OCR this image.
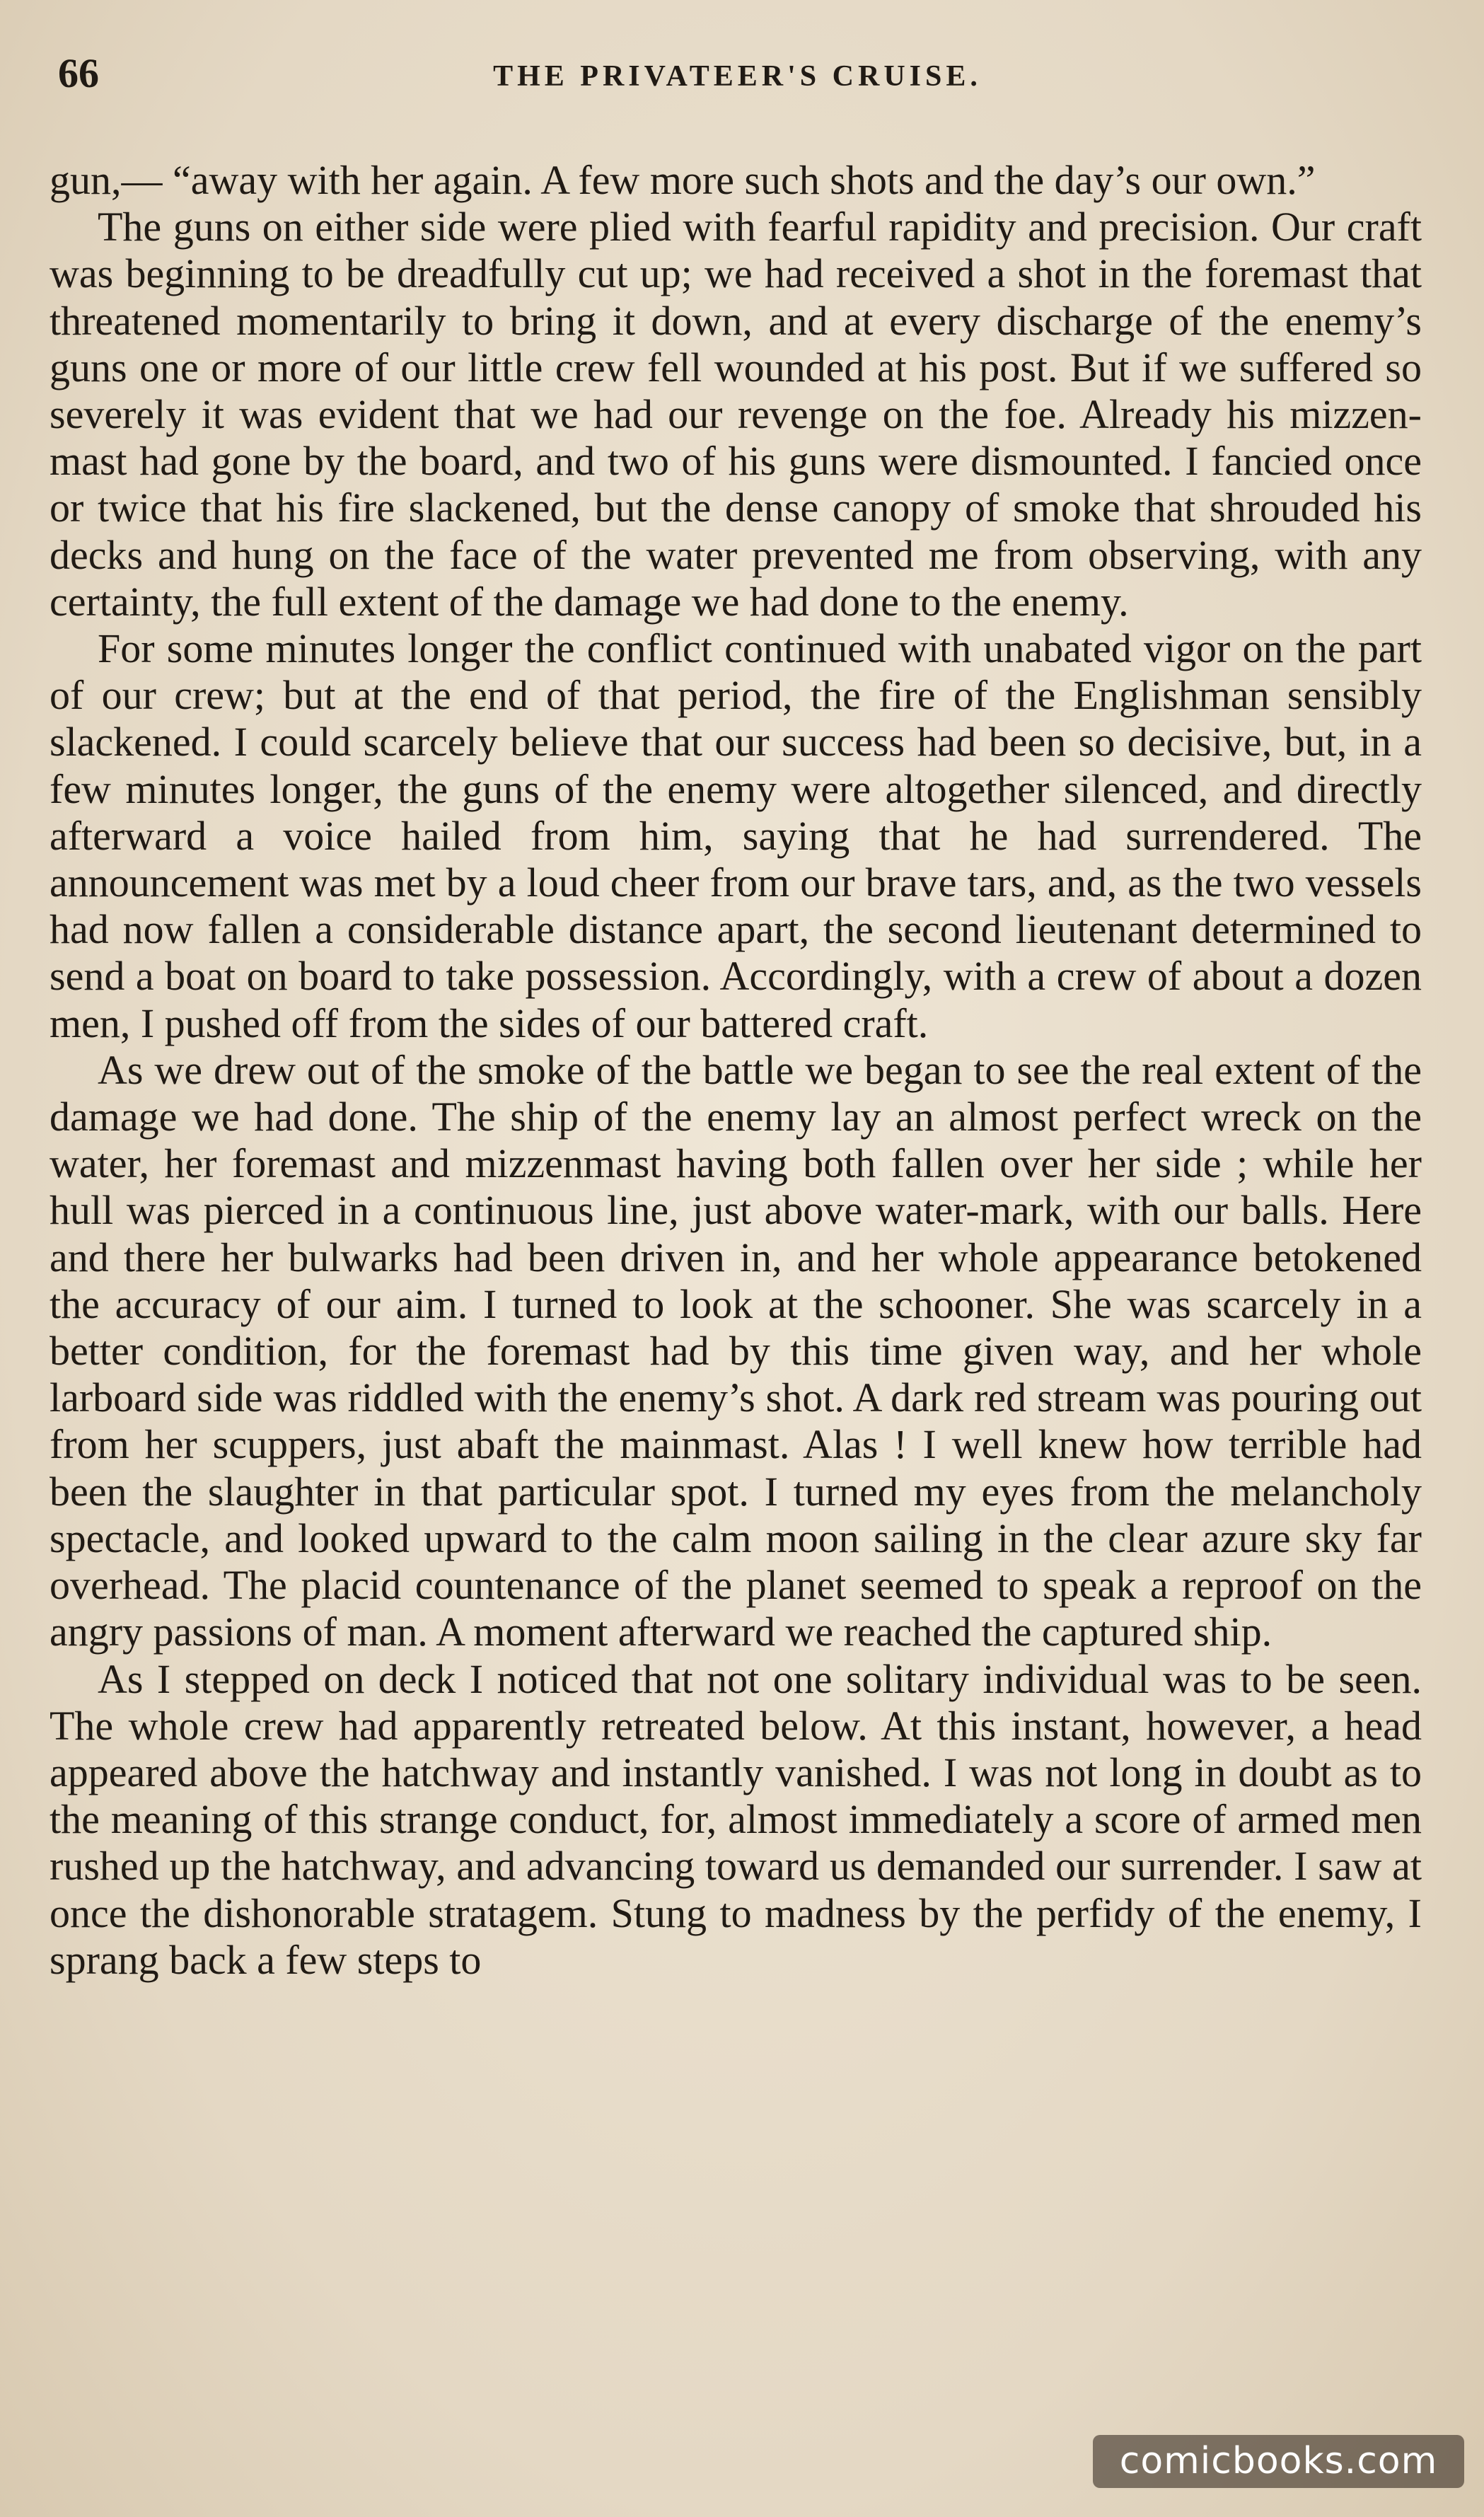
66	THE PRIVATEER'S CRUISE.

gun,— “away with her again. A few more such shots and the day’s our own.”

The guns on either side were plied with fearful rapidity and precision. Our craft was beginning to be dreadfully cut up; we had received a shot in the foremast that threatened momentarily to bring it down, and at every discharge of the enemy’s guns one or more of our little crew fell wounded at his post. But if we suffered so severely it was evident that we had our revenge on the foe. Already his mizzen-mast had gone by the board, and two of his guns were dismounted. I fancied once or twice that his fire slackened, but the dense canopy of smoke that shrouded his decks and hung on the face of the water prevented me from observing, with any certainty, the full extent of the damage we had done to the enemy.

For some minutes longer the conflict continued with unabated vigor on the part of our crew; but at the end of that period, the fire of the Englishman sensibly slackened. I could scarcely believe that our success had been so decisive, but, in a few minutes longer, the guns of the enemy were altogether silenced, and directly afterward a voice hailed from him, saying that he had surrendered. The announcement was met by a loud cheer from our brave tars, and, as the two vessels had now fallen a considerable distance apart, the second lieutenant determined to send a boat on board to take possession. Accordingly, with a crew of about a dozen men, I pushed off from the sides of our battered craft.

As we drew out of the smoke of the battle we began to see the real extent of the damage we had done. The ship of the enemy lay an almost perfect wreck on the water, her foremast and mizzenmast having both fallen over her side ; while her hull was pierced in a continuous line, just above water-mark, with our balls. Here and there her bulwarks had been driven in, and her whole appearance betokened the accuracy of our aim. I turned to look at the schooner. She was scarcely in a better condition, for the foremast had by this time given way, and her whole larboard side was riddled with the enemy’s shot. A dark red stream was pouring out from her scuppers, just abaft the mainmast. Alas ! I well knew how terrible had been the slaughter in that particular spot. I turned my eyes from the melancholy spectacle, and looked upward to the calm moon sailing in the clear azure sky far overhead. The placid countenance of the planet seemed to speak a reproof on the angry passions of man. A moment afterward we reached the captured ship.

As I stepped on deck I noticed that not one solitary individual was to be seen. The whole crew had apparently retreated below. At this instant, however, a head appeared above the hatchway and instantly vanished. I was not long in doubt as to the meaning of this strange conduct, for, almost immediately a score of armed men rushed up the hatchway, and advancing toward us demanded our surrender. I saw at once the dishonorable stratagem. Stung to madness by the perfidy of the enemy, I sprang back a few steps to

comicbooks.com
